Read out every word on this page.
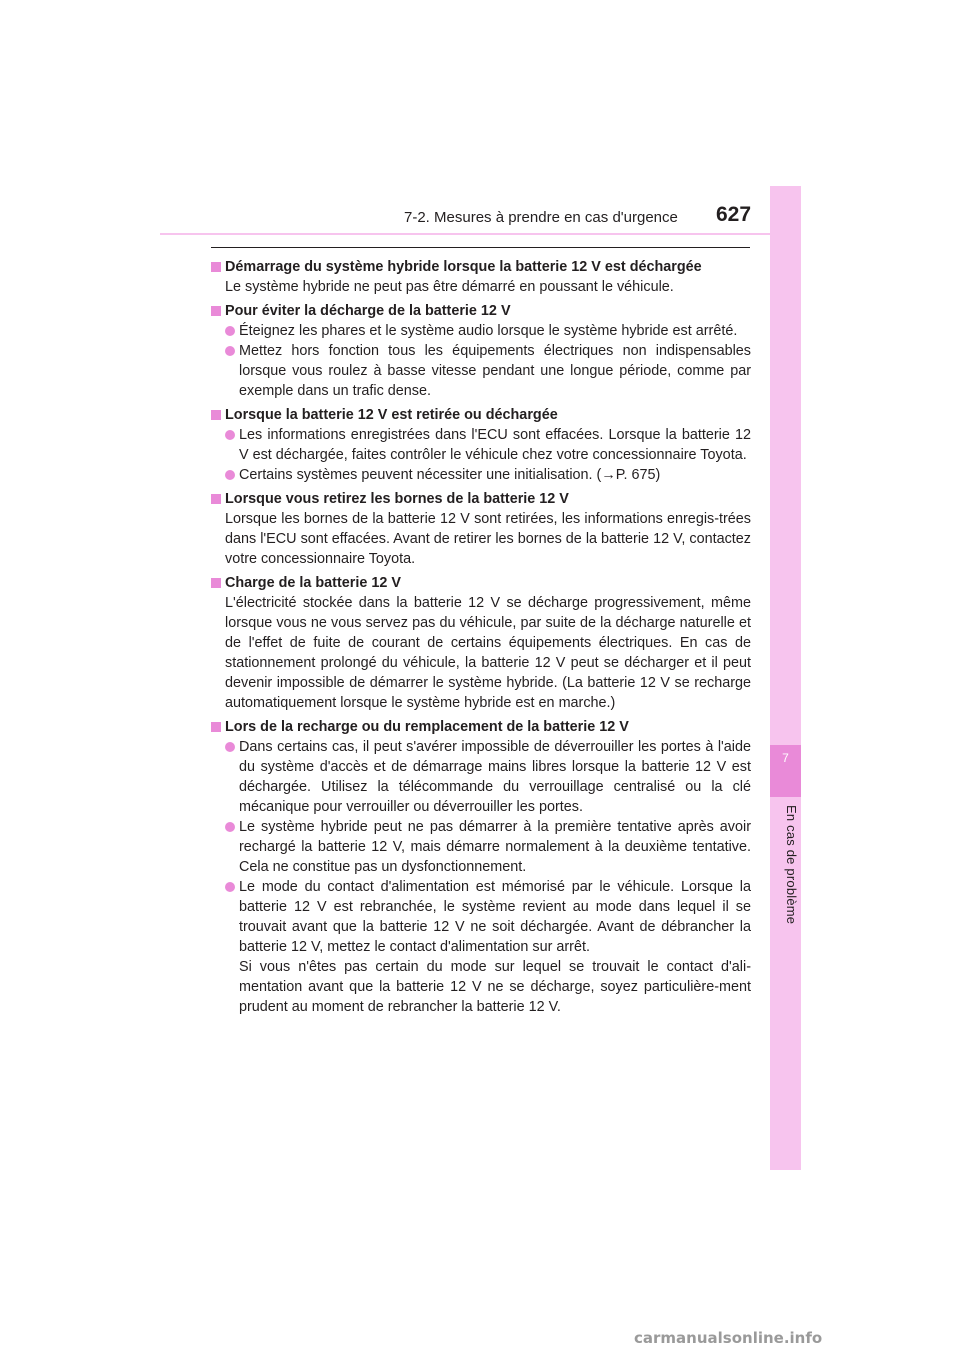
7
En cas de problème
7-2. Mesures à prendre en cas d'urgence 627

Démarrage du système hybride lorsque la batterie 12 V est déchargée

Le système hybride ne peut pas être démarré en poussant le véhicule.

Pour éviter la décharge de la batterie 12 V

Éteignez les phares et le système audio lorsque le système hybride est arrêté.

Mettez hors fonction tous les équipements électriques non indispensables lorsque vous roulez à basse vitesse pendant une longue période, comme par exemple dans un trafic dense.

Lorsque la batterie 12 V est retirée ou déchargée

Les informations enregistrées dans l'ECU sont effacées. Lorsque la batterie 12 V est déchargée, faites contrôler le véhicule chez votre concessionnaire Toyota.

Certains systèmes peuvent nécessiter une initialisation. (→P. 675)

Lorsque vous retirez les bornes de la batterie 12 V

Lorsque les bornes de la batterie 12 V sont retirées, les informations enregis-trées dans l'ECU sont effacées. Avant de retirer les bornes de la batterie 12 V, contactez votre concessionnaire Toyota.

Charge de la batterie 12 V

L'électricité stockée dans la batterie 12 V se décharge progressivement, même lorsque vous ne vous servez pas du véhicule, par suite de la décharge naturelle et de l'effet de fuite de courant de certains équipements électriques. En cas de stationnement prolongé du véhicule, la batterie 12 V peut se décharger et il peut devenir impossible de démarrer le système hybride. (La batterie 12 V se recharge automatiquement lorsque le système hybride est en marche.)

Lors de la recharge ou du remplacement de la batterie 12 V

Dans certains cas, il peut s'avérer impossible de déverrouiller les portes à l'aide du système d'accès et de démarrage mains libres lorsque la batterie 12 V est déchargée. Utilisez la télécommande du verrouillage centralisé ou la clé mécanique pour verrouiller ou déverrouiller les portes.

Le système hybride peut ne pas démarrer à la première tentative après avoir rechargé la batterie 12 V, mais démarre normalement à la deuxième tentative. Cela ne constitue pas un dysfonctionnement.

Le mode du contact d'alimentation est mémorisé par le véhicule. Lorsque la batterie 12 V est rebranchée, le système revient au mode dans lequel il se trouvait avant que la batterie 12 V ne soit déchargée. Avant de débrancher la batterie 12 V, mettez le contact d'alimentation sur arrêt.

Si vous n'êtes pas certain du mode sur lequel se trouvait le contact d'ali-mentation avant que la batterie 12 V ne se décharge, soyez particulière-ment prudent au moment de rebrancher la batterie 12 V.

carmanualsonline.info
